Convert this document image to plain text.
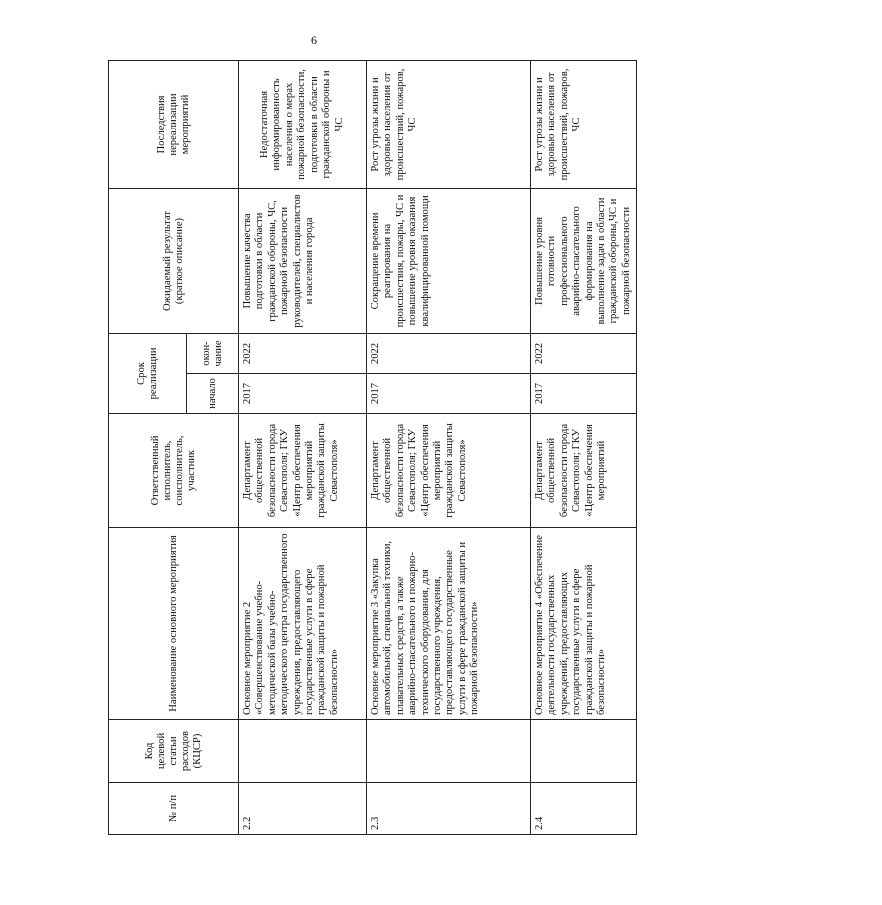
6
№ п/п	Код целевой статьи расходов (КЦСР)	Наименование основного мероприятия	Ответственный исполнитель, соисполнитель, участник	Срок реализации		Ожидаемый результат (краткое описание)	Последствия нереализации мероприятий
				начало	окон-чание		
2.2		Основное мероприятие 2 «Совершенствование учебно-методической базы учебно-методического центра государственного учреждения, предоставляющего государственные услуги в сфере гражданской защиты и пожарной безопасности»	Департамент общественной безопасности города Севастополя; ГКУ «Центр обеспечения мероприятий гражданской защиты Севастополя»	2017	2022	Повышение качества подготовки в области гражданской обороны, ЧС, пожарной безопасности руководителей, специалистов и населения города	Недостаточная информированность населения о мерах пожарной безопасности, подготовки в области гражданской обороны и ЧС
2.3		Основное мероприятие 3 «Закупка автомобильной, специальной техники, плавательных средств, а также аварийно-спасательного и пожарно-технического оборудования, для государственного учреждения, предоставляющего государственные услуги в сфере гражданской защиты и пожарной безопасности»	Департамент общественной безопасности города Севастополя; ГКУ «Центр обеспечения мероприятий гражданской защиты Севастополя»	2017	2022	Сокращение времени реагирования на происшествия, пожары, ЧС и повышение уровня оказания квалифицированной помощи	Рост угрозы жизни и здоровью населения от происшествий, пожаров, ЧС
2.4		Основное мероприятие 4 «Обеспечение деятельности государственных учреждений, предоставляющих государственные услуги в сфере гражданской защиты и пожарной безопасности»	Департамент общественной безопасности города Севастополя; ГКУ «Центр обеспечения мероприятий	2017	2022	Повышение уровня готовности профессионального аварийно-спасательного формирования на выполнение задач в области гражданской обороны,ЧС и пожарной безопасности	Рост угрозы жизни и здоровью населения от происшествий, пожаров, ЧС
